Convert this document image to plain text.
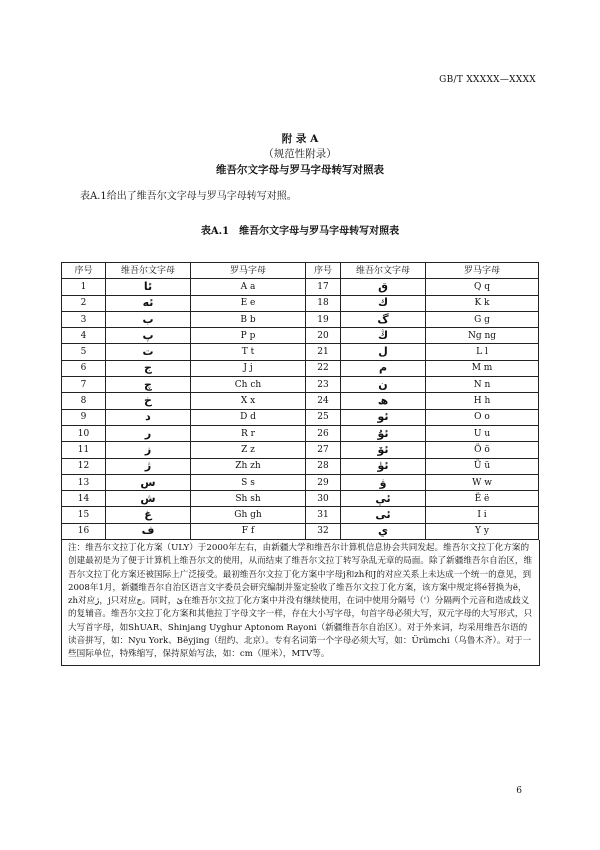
GB/T XXXXX—XXXX
附 录 A
（规范性附录）
维吾尔文字母与罗马字母转写对照表
表A.1给出了维吾尔文字母与罗马字母转写对照。
表A.1　维吾尔文字母与罗马字母转写对照表
序号	维吾尔文字母	罗马字母	序号	维吾尔文字母	罗马字母
1	ئا	A a	17	ق	Q q
2	ئە	E e	18	ك	K k
3	ب	B b	19	گ	G g
4	پ	P p	20	ڭ	Ng ng
5	ت	T t	21	ل	L l
6	ج	J j	22	م	M m
7	چ	Ch ch	23	ن	N n
8	خ	X x	24	ھ	H h
9	د	D d	25	ئو	O o
10	ر	R r	26	ئۇ	U u
11	ز	Z z	27	ئۆ	Ö ö
12	ژ	Zh zh	28	ئۈ	Ü ü
13	س	S s	29	ۋ	W w
14	ش	Sh sh	30	ئې	Ë ë
15	غ	Gh gh	31	ئى	I i
16	ف	F f	32	ي	Y y
注：维吾尔文拉丁化方案（ULY）于2000年左右，由新疆大学和维吾尔计算机信息协会共同发起。维吾尔文拉丁化方案的创建最初是为了便于计算机上维吾尔文的使用，从而结束了维吾尔文拉丁转写杂乱无章的局面。除了新疆维吾尔自治区，维吾尔文拉丁化方案还被国际上广泛接受。最初维吾尔文拉丁化方案中字母j和zh和J的对应关系上未达成一个统一的意见，到2008年1月，新疆维吾尔自治区语言文字委员会研究编制并鉴定验收了维吾尔文拉丁化方案，该方案中规定将é替换为ë，zh对应ژ，j只对应ج。同时，ئ在维吾尔文拉丁化方案中并没有继续使用，在词中使用分隔号（'）分隔两个元音和造成歧义的复辅音。维吾尔文拉丁化方案和其他拉丁字母文字一样，存在大小写字母，句首字母必须大写，双元字母的大写形式，只大写首字母，如ShUAR、Shinjang Uyghur Aptonom Rayoni（新疆维吾尔自治区）。对于外来词，均采用维吾尔语的读音拼写，如：Nyu York、Bëyjing（纽约、北京）。专有名词第一个字母必须大写，如：Ürümchi（乌鲁木齐）。对于一些国际单位，特殊缩写，保持原始写法，如：cm（厘米），MTV等。
6
